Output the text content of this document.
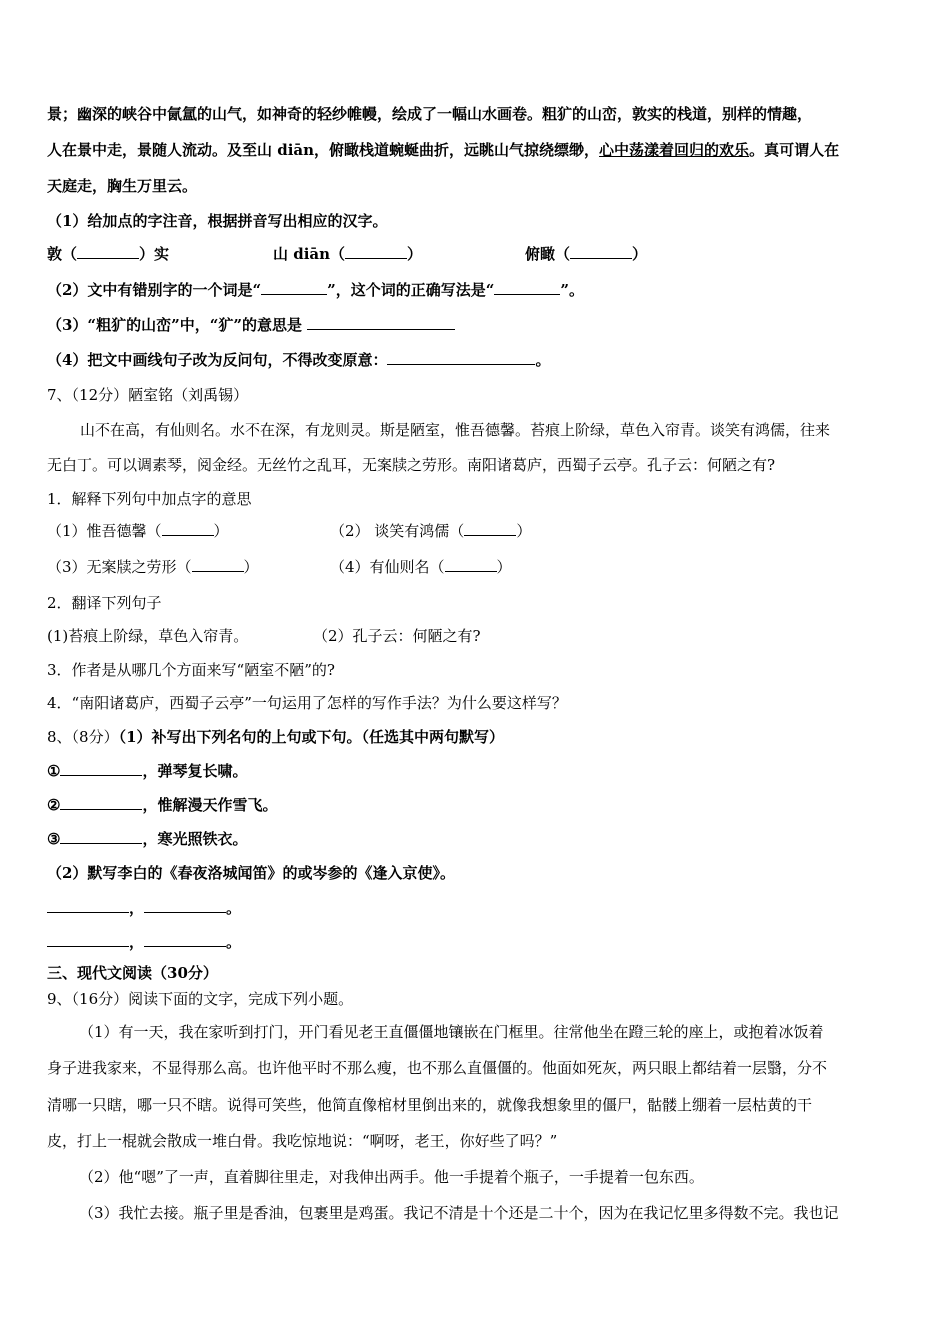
景；幽深的峡谷中氤氲的山气，如神奇的轻纱帷幔，绘成了一幅山水画卷。粗犷的山峦，敦实的栈道，别样的情趣，
人在景中走，景随人流动。及至山 diān，俯瞰栈道蜿蜒曲折，远眺山气掠绕缥缈，心中荡漾着回归的欢乐。真可谓人在
天庭走，胸生万里云。
（1）给加点的字注音，根据拼音写出相应的汉字。
敦（	）实	山 diān（	）	俯瞰（	）
（2）文中有错别字的一个词是“	”，这个词的正确写法是“	”。
（3）“粗犷的山峦”中，“犷”的意思是
（4）把文中画线句子改为反问句，不得改变原意：	。
7、（12分）陋室铭（刘禹锡）
山不在高，有仙则名。水不在深，有龙则灵。斯是陋室，惟吾德馨。苔痕上阶绿，草色入帘青。谈笑有鸿儒，往来
无白丁。可以调素琴，阅金经。无丝竹之乱耳，无案牍之劳形。南阳诸葛庐，西蜀子云亭。孔子云：何陋之有?
1．解释下列句中加点字的意思
（1）惟吾德馨（	）	（2） 谈笑有鸿儒（	）
（3）无案牍之劳形（	）	（4）有仙则名（	）
2．翻译下列句子
(1)苔痕上阶绿，草色入帘青。	（2）孔子云：何陋之有?
3．作者是从哪几个方面来写“陋室不陋”的?
4．“南阳诸葛庐，西蜀子云亭”一句运用了怎样的写作手法？为什么要这样写？
8、（8分）（1）补写出下列名句的上句或下句。（任选其中两句默写）
①	，弹琴复长啸。
②	，惟解漫天作雪飞。
③	，寒光照铁衣。
（2）默写李白的《春夜洛城闻笛》的或岑参的《逢入京使》。
，	。
，	。
三、现代文阅读（30分）
9、（16分）阅读下面的文字，完成下列小题。
（1）有一天，我在家听到打门，开门看见老王直僵僵地镶嵌在门框里。往常他坐在蹬三轮的座上，或抱着冰饭着
身子进我家来，不显得那么高。也许他平时不那么瘦，也不那么直僵僵的。他面如死灰，两只眼上都结着一层翳，分不
清哪一只瞎，哪一只不瞎。说得可笑些，他简直像棺材里倒出来的，就像我想象里的僵尸，骷髅上绷着一层枯黄的干
皮，打上一棍就会散成一堆白骨。我吃惊地说：“啊呀，老王，你好些了吗？”
（2）他“嗯”了一声，直着脚往里走，对我伸出两手。他一手提着个瓶子，一手提着一包东西。
（3）我忙去接。瓶子里是香油，包裹里是鸡蛋。我记不清是十个还是二十个，因为在我记忆里多得数不完。我也记
